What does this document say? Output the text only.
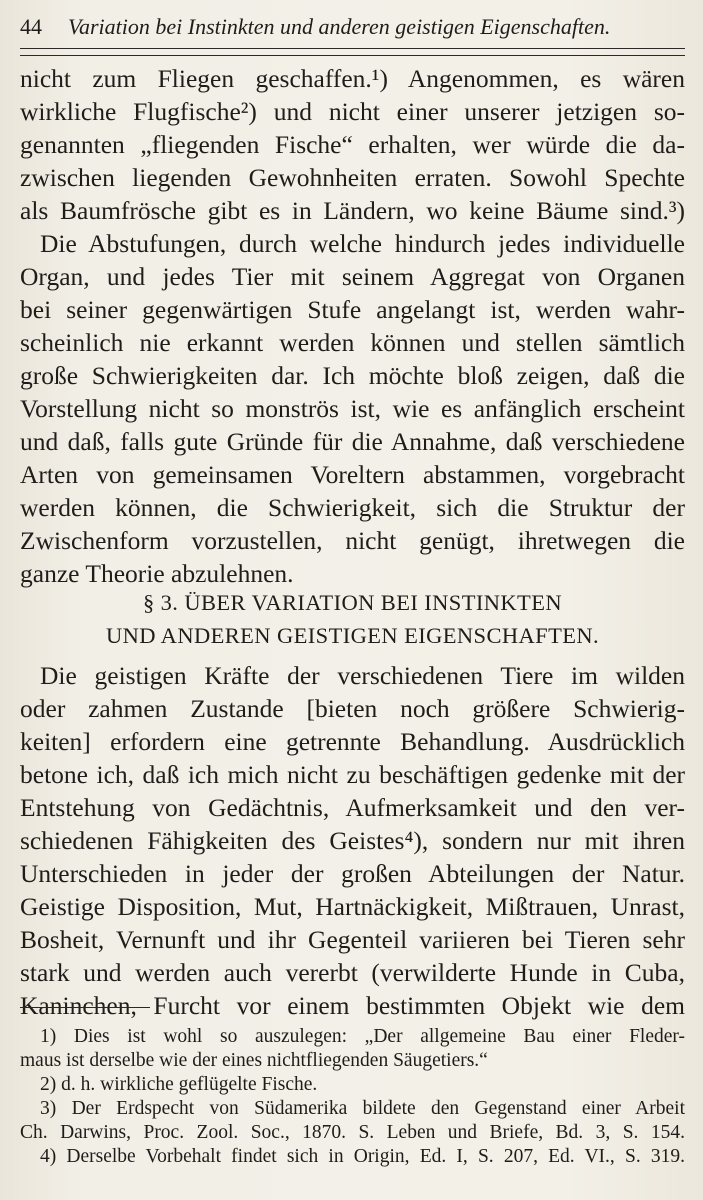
44	Variation bei Instinkten und anderen geistigen Eigenschaften.
nicht zum Fliegen geschaffen.¹) Angenommen, es wären
wirkliche Flugfische²) und nicht einer unserer jetzigen so-
genannten „fliegenden Fische“ erhalten, wer würde die da-
zwischen liegenden Gewohnheiten erraten. Sowohl Spechte
als Baumfrösche gibt es in Ländern, wo keine Bäume sind.³)
Die Abstufungen, durch welche hindurch jedes individuelle
Organ, und jedes Tier mit seinem Aggregat von Organen
bei seiner gegenwärtigen Stufe angelangt ist, werden wahr-
scheinlich nie erkannt werden können und stellen sämtlich
große Schwierigkeiten dar. Ich möchte bloß zeigen, daß die
Vorstellung nicht so monströs ist, wie es anfänglich erscheint
und daß, falls gute Gründe für die Annahme, daß verschiedene
Arten von gemeinsamen Voreltern abstammen, vorgebracht
werden können, die Schwierigkeit, sich die Struktur der
Zwischenform vorzustellen, nicht genügt, ihretwegen die
ganze Theorie abzulehnen.
§ 3. ÜBER VARIATION BEI INSTINKTEN
UND ANDEREN GEISTIGEN EIGENSCHAFTEN.
Die geistigen Kräfte der verschiedenen Tiere im wilden
oder zahmen Zustande [bieten noch größere Schwierig-
keiten] erfordern eine getrennte Behandlung. Ausdrücklich
betone ich, daß ich mich nicht zu beschäftigen gedenke mit der
Entstehung von Gedächtnis, Aufmerksamkeit und den ver-
schiedenen Fähigkeiten des Geistes⁴), sondern nur mit ihren
Unterschieden in jeder der großen Abteilungen der Natur.
Geistige Disposition, Mut, Hartnäckigkeit, Mißtrauen, Unrast,
Bosheit, Vernunft und ihr Gegenteil variieren bei Tieren sehr
stark und werden auch vererbt (verwilderte Hunde in Cuba,
Kaninchen, Furcht vor einem bestimmten Objekt wie dem
1) Dies ist wohl so auszulegen: „Der allgemeine Bau einer Fleder-
maus ist derselbe wie der eines nichtfliegenden Säugetiers.“
2) d. h. wirkliche geflügelte Fische.
3) Der Erdspecht von Südamerika bildete den Gegenstand einer Arbeit
Ch. Darwins, Proc. Zool. Soc., 1870. S. Leben und Briefe, Bd. 3, S. 154.
4) Derselbe Vorbehalt findet sich in Origin, Ed. I, S. 207, Ed. VI., S. 319.
